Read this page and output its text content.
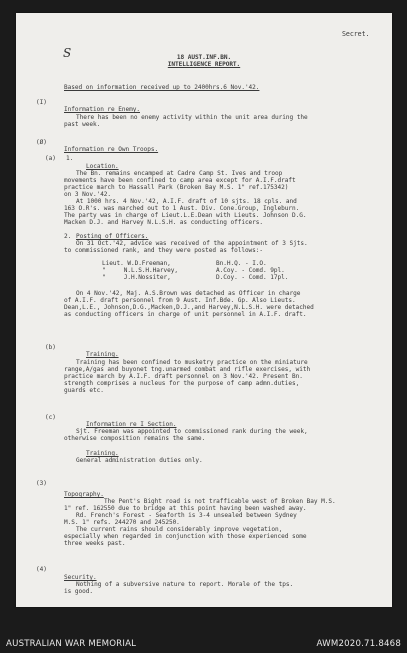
S
Secret.
18 AUST.INF.BN.
INTELLIGENCE REPORT.
Based on information received up to 2400hrs.6 Nov.'42.
(I)
Information re Enemy.
There has been no enemy activity within the unit area during the
past week.
(Ø)
Information re Own Troops.
(a) 1.
Location.
The Bn. remains encamped at Cadre Camp St. Ives and troop
movements have been confined to camp area except for A.I.F.draft
practice march to Hassall Park (Broken Bay M.S. 1" ref.175342)
on 3 Nov.'42.
At 1000 hrs. 4 Nov.'42, A.I.F. draft of 10 sjts. 18 cpls. and
163 O.R's. was marched out to 1 Aust. Div. Cone.Group, Ingleburn.
The party was in charge of Lieut.L.E.Dean with Lieuts. Johnson D.G.
Macken D.J. and Harvey N.L.S.H. as conducting officers.
2. Posting of Officers.
On 31 Oct.'42, advice was received of the appointment of 3 Sjts.
to commissioned rank, and they were posted as follows:-
Lieut. W.D.Freeman,	Bn.H.Q. - I.O.
"     N.L.S.H.Harvey,	A.Coy. - Comd. 9pl.
"     J.H.Nossiter,	D.Coy. - Comd. 17pl.
On 4 Nov.'42, Maj. A.S.Brown was detached as Officer in charge
of A.I.F. draft personnel from 9 Aust. Inf.Bde. Gp. Also Lieuts.
Dean,L.E., Johnson,D.G.,Macken,D.J.,and Harvey,N.L.S.H. were detached
as conducting officers in charge of unit personnel in A.I.F. draft.
(b)
Training.
Training has been confined to musketry practice on the miniature
range,A/gas and buyonet tng.unarmed combat and rifle exercises, with
practice march by A.I.F. draft personnel on 3 Nov.'42. Present Bn.
strength comprises a nucleus for the purpose of camp admn.duties,
guards etc.
(c)
Information re I Section.
Sjt. Freeman was appointed to commissioned rank during the week,
otherwise composition remains the same.
Training.
General administration duties only.
(3)
Topography.
The Pent's Bight road is not trafficable west of Broken Bay M.S.
1" ref. 162550 due to bridge at this point having been washed away.
Rd. French's Forest - Seaforth is 3-4 unsealed between Sydney
M.S. 1" refs. 244270 and 245250.
The current rains should considerably improve vegetation,
especially when regarded in conjunction with those experienced some
three weeks past.
(4)
Security.
Nothing of a subversive nature to report. Morale of the tps.
is good.
AUSTRALIAN WAR MEMORIAL	AWM2020.71.8468
